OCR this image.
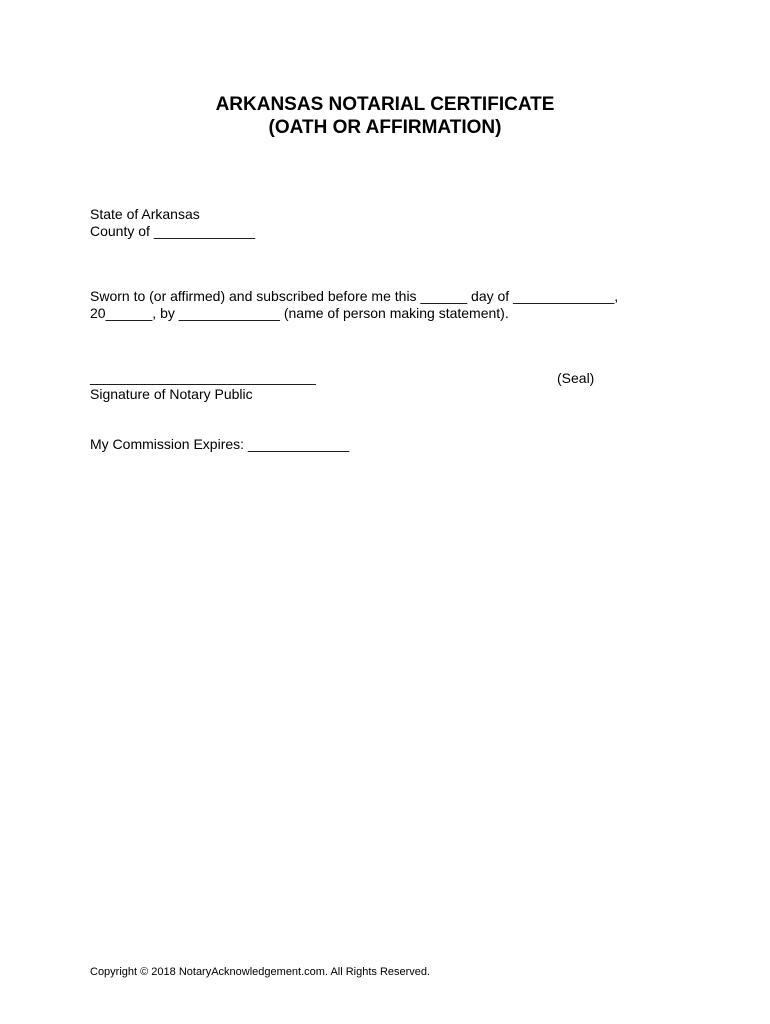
ARKANSAS NOTARIAL CERTIFICATE
(OATH OR AFFIRMATION)
State of Arkansas
County of _____________
Sworn to (or affirmed) and subscribed before me this ______ day of _____________,
20______, by _____________ (name of person making statement).
_____________________________	(Seal)
Signature of Notary Public
My Commission Expires: _____________
Copyright © 2018 NotaryAcknowledgement.com. All Rights Reserved.
